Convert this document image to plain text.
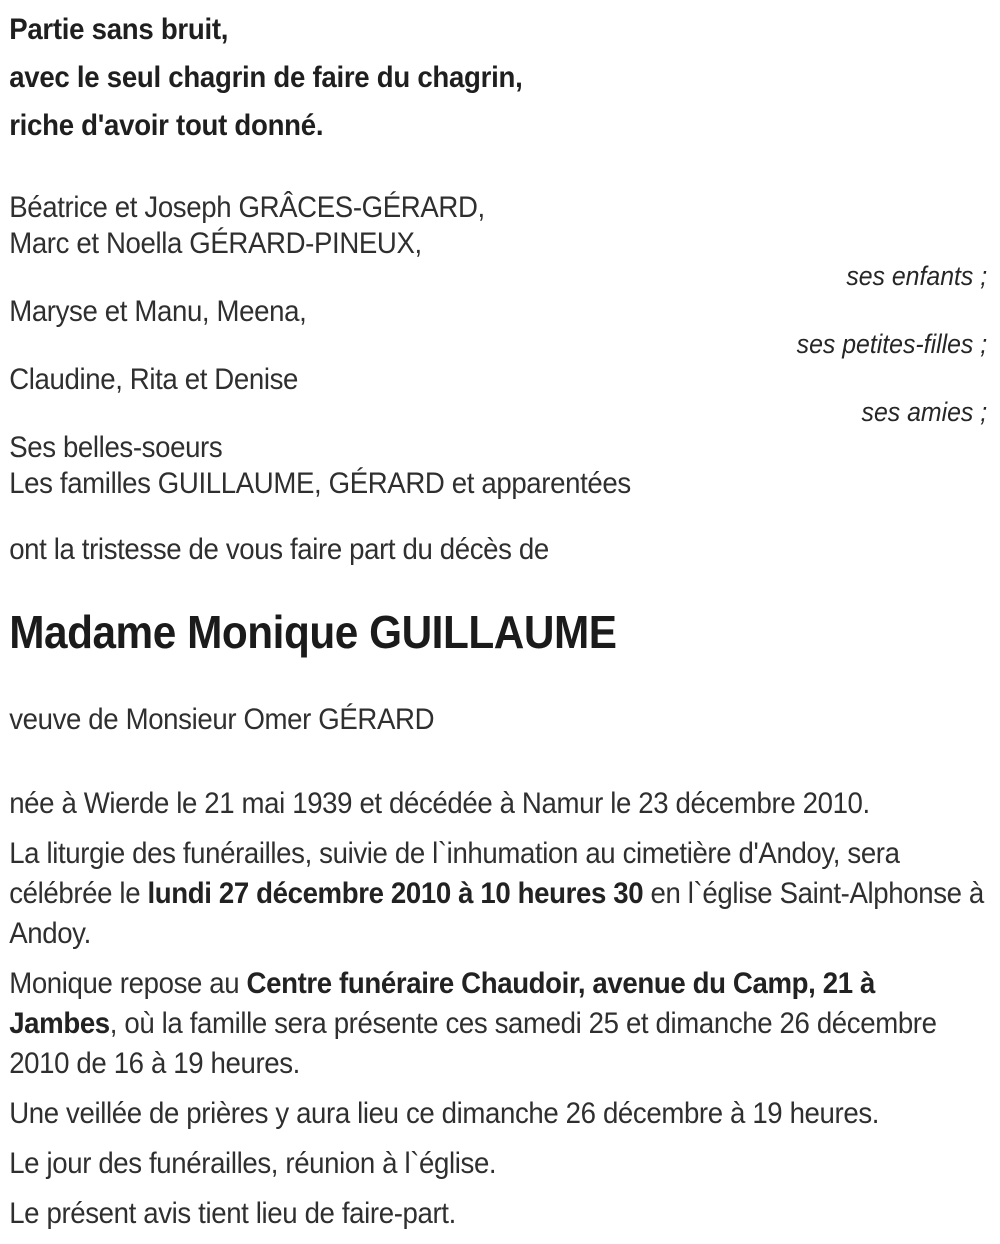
Partie sans bruit,

avec le seul chagrin de faire du chagrin,

riche d'avoir tout donné.

Béatrice et Joseph GRÂCES-GÉRARD,

Marc et Noella GÉRARD-PINEUX,

ses enfants ;

Maryse et Manu, Meena,

ses petites-filles ;

Claudine, Rita et Denise

ses amies ;

Ses belles-soeurs

Les familles GUILLAUME, GÉRARD et apparentées

ont la tristesse de vous faire part du décès de

Madame Monique GUILLAUME

veuve de Monsieur Omer GÉRARD

née à Wierde le 21 mai 1939 et décédée à Namur le 23 décembre 2010.

La liturgie des funérailles, suivie de l`inhumation au cimetière d'Andoy, sera célébrée le lundi 27 décembre 2010 à 10 heures 30 en l`église Saint-Alphonse à Andoy.

Monique repose au Centre funéraire Chaudoir, avenue du Camp, 21 à Jambes, où la famille sera présente ces samedi 25 et dimanche 26 décembre 2010 de 16 à 19 heures.

Une veillée de prières y aura lieu ce dimanche 26 décembre à 19 heures.

Le jour des funérailles, réunion à l`église.

Le présent avis tient lieu de faire-part.
